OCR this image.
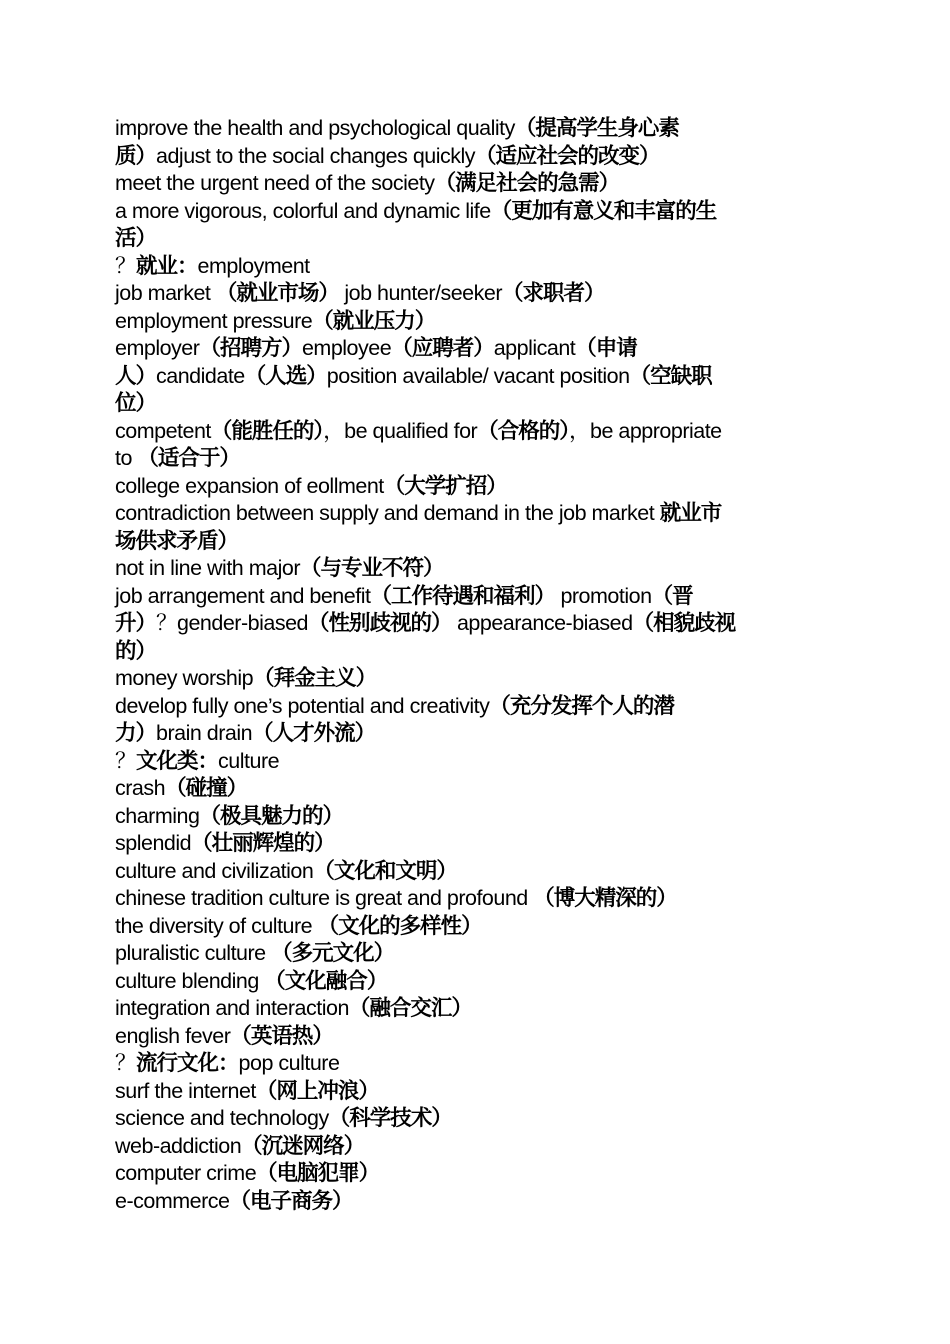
improve the health and psychological quality（提高学生身心素
质）adjust to the social changes quickly（适应社会的改变）
meet the urgent need of the society（满足社会的急需）
a more vigorous, colorful and dynamic life（更加有意义和丰富的生
活）
？就业：employment
job market （就业市场） job hunter/seeker（求职者）
employment pressure（就业压力）
employer（招聘方）employee（应聘者）applicant（申请
人）candidate（人选）position available/ vacant position（空缺职
位）
competent（能胜任的），be qualified for（合格的），be appropriate
to （适合于）
college expansion of eollment（大学扩招）
contradiction between supply and demand in the job market 就业市
场供求矛盾）
not in line with major（与专业不符）
job arrangement and benefit（工作待遇和福利） promotion（晋
升）？gender-biased（性别歧视的） appearance-biased（相貌歧视
的）
money worship（拜金主义）
develop fully one’s potential and creativity（充分发挥个人的潜
力）brain drain（人才外流）
？文化类：culture
crash（碰撞）
charming（极具魅力的）
splendid（壮丽辉煌的）
culture and civilization（文化和文明）
chinese tradition culture is great and profound （博大精深的）
the diversity of culture （文化的多样性）
pluralistic culture （多元文化）
culture blending （文化融合）
integration and interaction（融合交汇）
english fever（英语热）
？流行文化：pop culture
surf the internet（网上冲浪）
science and technology（科学技术）
web-addiction（沉迷网络）
computer crime（电脑犯罪）
e-commerce（电子商务）
